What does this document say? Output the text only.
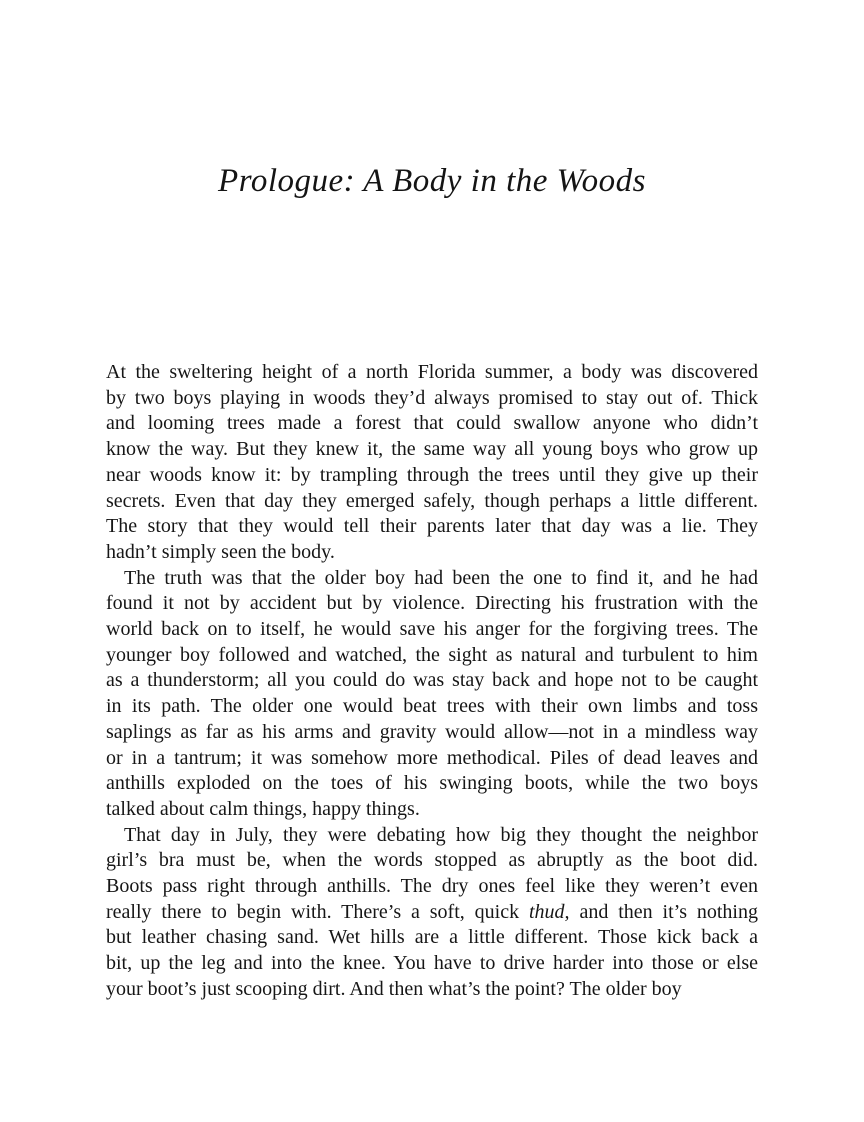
Prologue: A Body in the Woods
At the sweltering height of a north Florida summer, a body was discovered
by two boys playing in woods they’d always promised to stay out of. Thick
and looming trees made a forest that could swallow anyone who didn’t
know the way. But they knew it, the same way all young boys who grow up
near woods know it: by trampling through the trees until they give up their
secrets. Even that day they emerged safely, though perhaps a little different.
The story that they would tell their parents later that day was a lie. They
hadn’t simply seen the body.
The truth was that the older boy had been the one to find it, and he had
found it not by accident but by violence. Directing his frustration with the
world back on to itself, he would save his anger for the forgiving trees. The
younger boy followed and watched, the sight as natural and turbulent to him
as a thunderstorm; all you could do was stay back and hope not to be caught
in its path. The older one would beat trees with their own limbs and toss
saplings as far as his arms and gravity would allow—not in a mindless way
or in a tantrum; it was somehow more methodical. Piles of dead leaves and
anthills exploded on the toes of his swinging boots, while the two boys
talked about calm things, happy things.
That day in July, they were debating how big they thought the neighbor
girl’s bra must be, when the words stopped as abruptly as the boot did.
Boots pass right through anthills. The dry ones feel like they weren’t even
really there to begin with. There’s a soft, quick thud, and then it’s nothing
but leather chasing sand. Wet hills are a little different. Those kick back a
bit, up the leg and into the knee. You have to drive harder into those or else
your boot’s just scooping dirt. And then what’s the point? The older boy
